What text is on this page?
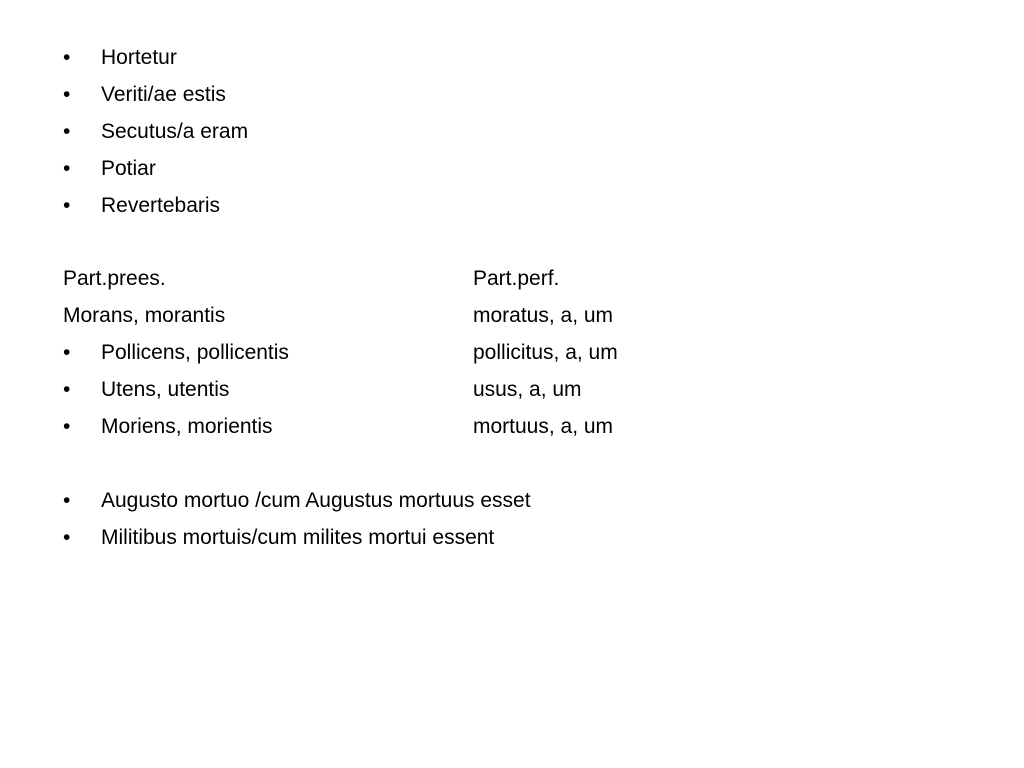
•	Hortetur
•	Veriti/ae estis
•	Secutus/a eram
•	Potiar
•	Revertebaris
Part.prees.	Part.perf.
Morans, morantis	moratus, a, um
•	Pollicens, pollicentis	pollicitus, a, um
•	Utens, utentis	usus, a, um
•	Moriens, morientis	mortuus, a, um
•	Augusto mortuo /cum Augustus mortuus esset
•	Militibus mortuis/cum milites mortui essent
